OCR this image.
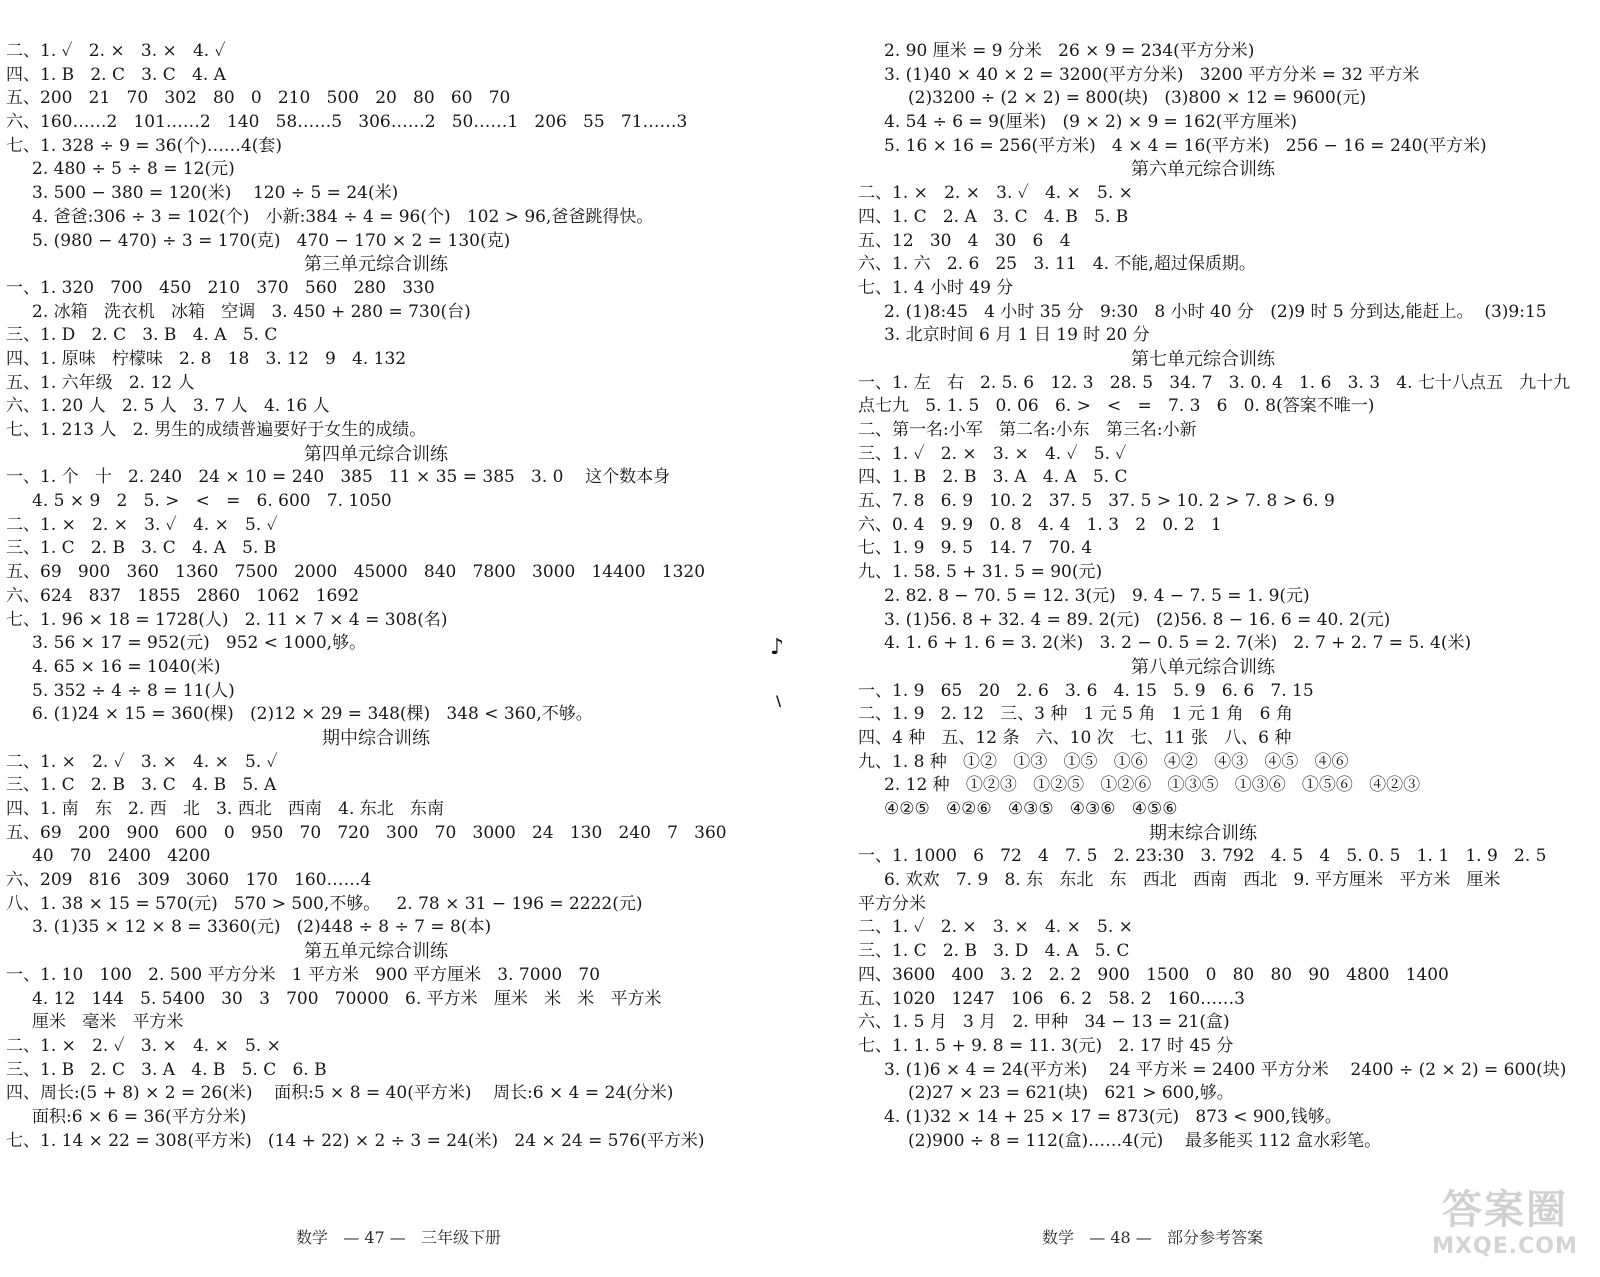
二、1. ✓   2. ×   3. ×   4. ✓
四、1. B   2. C   3. C   4. A
五、200   21   70   302   80   0   210   500   20   80   60   70
六、160……2   101……2   140   58……5   306……2   50……1   206   55   71……3
七、1. 328 ÷ 9 = 36(个)……4(套)
2. 480 ÷ 5 ÷ 8 = 12(元)
3. 500 − 380 = 120(米)    120 ÷ 5 = 24(米)
4. 爸爸:306 ÷ 3 = 102(个)   小新:384 ÷ 4 = 96(个)   102 > 96,爸爸跳得快。
5. (980 − 470) ÷ 3 = 170(克)   470 − 170 × 2 = 130(克)
第三单元综合训练
一、1. 320   700   450   210   370   560   280   330
2. 冰箱   洗衣机   冰箱   空调   3. 450 + 280 = 730(台)
三、1. D   2. C   3. B   4. A   5. C
四、1. 原味   柠檬味   2. 8   18   3. 12   9   4. 132
五、1. 六年级   2. 12 人
六、1. 20 人   2. 5 人   3. 7 人   4. 16 人
七、1. 213 人   2. 男生的成绩普遍要好于女生的成绩。
第四单元综合训练
一、1. 个   十   2. 240   24 × 10 = 240   385   11 × 35 = 385   3. 0    这个数本身
4. 5 × 9   2   5. >   <   =   6. 600   7. 1050
二、1. ×   2. ×   3. ✓   4. ×   5. ✓
三、1. C   2. B   3. C   4. A   5. B
五、69   900   360   1360   7500   2000   45000   840   7800   3000   14400   1320
六、624   837   1855   2860   1062   1692
七、1. 96 × 18 = 1728(人)   2. 11 × 7 × 4 = 308(名)
3. 56 × 17 = 952(元)   952 < 1000,够。
4. 65 × 16 = 1040(米)
5. 352 ÷ 4 ÷ 8 = 11(人)
6. (1)24 × 15 = 360(棵)   (2)12 × 29 = 348(棵)   348 < 360,不够。
期中综合训练
二、1. ×   2. ✓   3. ×   4. ×   5. ✓
三、1. C   2. B   3. C   4. B   5. A
四、1. 南   东   2. 西   北   3. 西北   西南   4. 东北   东南
五、69   200   900   600   0   950   70   720   300   70   3000   24   130   240   7   360
40   70   2400   4200
六、209   816   309   3060   170   160……4
八、1. 38 × 15 = 570(元)   570 > 500,不够。   2. 78 × 31 − 196 = 2222(元)
3. (1)35 × 12 × 8 = 3360(元)   (2)448 ÷ 8 ÷ 7 = 8(本)
第五单元综合训练
一、1. 10   100   2. 500 平方分米   1 平方米   900 平方厘米   3. 7000   70
4. 12   144   5. 5400   30   3   700   70000   6. 平方米   厘米   米   米   平方米
厘米   毫米   平方米
二、1. ×   2. ✓   3. ×   4. ×   5. ×
三、1. B   2. C   3. A   4. B   5. C   6. B
四、周长:(5 + 8) × 2 = 26(米)    面积:5 × 8 = 40(平方米)    周长:6 × 4 = 24(分米)
面积:6 × 6 = 36(平方分米)
七、1. 14 × 22 = 308(平方米)   (14 + 22) × 2 ÷ 3 = 24(米)   24 × 24 = 576(平方米)
2. 90 厘米 = 9 分米   26 × 9 = 234(平方分米)
3. (1)40 × 40 × 2 = 3200(平方分米)   3200 平方分米 = 32 平方米
(2)3200 ÷ (2 × 2) = 800(块)   (3)800 × 12 = 9600(元)
4. 54 ÷ 6 = 9(厘米)   (9 × 2) × 9 = 162(平方厘米)
5. 16 × 16 = 256(平方米)   4 × 4 = 16(平方米)   256 − 16 = 240(平方米)
第六单元综合训练
二、1. ×   2. ×   3. ✓   4. ×   5. ×
四、1. C   2. A   3. C   4. B   5. B
五、12   30   4   30   6   4
六、1. 六   2. 6   25   3. 11   4. 不能,超过保质期。
七、1. 4 小时 49 分
2. (1)8:45   4 小时 35 分   9:30   8 小时 40 分   (2)9 时 5 分到达,能赶上。  (3)9:15
3. 北京时间 6 月 1 日 19 时 20 分
第七单元综合训练
一、1. 左   右   2. 5. 6   12. 3   28. 5   34. 7   3. 0. 4   1. 6   3. 3   4. 七十八点五   九十九
点七九   5. 1. 5   0. 06   6. >   <   =   7. 3   6   0. 8(答案不唯一)
二、第一名:小军   第二名:小东   第三名:小新
三、1. ✓   2. ×   3. ×   4. ✓   5. ✓
四、1. B   2. B   3. A   4. A   5. C
五、7. 8   6. 9   10. 2   37. 5   37. 5 > 10. 2 > 7. 8 > 6. 9
六、0. 4   9. 9   0. 8   4. 4   1. 3   2   0. 2   1
七、1. 9   9. 5   14. 7   70. 4
九、1. 58. 5 + 31. 5 = 90(元)
2. 82. 8 − 70. 5 = 12. 3(元)   9. 4 − 7. 5 = 1. 9(元)
3. (1)56. 8 + 32. 4 = 89. 2(元)   (2)56. 8 − 16. 6 = 40. 2(元)
4. 1. 6 + 1. 6 = 3. 2(米)   3. 2 − 0. 5 = 2. 7(米)   2. 7 + 2. 7 = 5. 4(米)
第八单元综合训练
一、1. 9   65   20   2. 6   3. 6   4. 15   5. 9   6. 6   7. 15
二、1. 9   2. 12   三、3 种   1 元 5 角   1 元 1 角   6 角
四、4 种   五、12 条   六、10 次   七、11 张   八、6 种
九、1. 8 种   ①②   ①③   ①⑤   ①⑥   ④②   ④③   ④⑤   ④⑥
2. 12 种   ①②③   ①②⑤   ①②⑥   ①③⑤   ①③⑥   ①⑤⑥   ④②③
④②⑤   ④②⑥   ④③⑤   ④③⑥   ④⑤⑥
期末综合训练
一、1. 1000   6   72   4   7. 5   2. 23:30   3. 792   4. 5   4   5. 0. 5   1. 1   1. 9   2. 5
6. 欢欢   7. 9   8. 东   东北   东   西北   西南   西北   9. 平方厘米   平方米   厘米
平方分米
二、1. ✓   2. ×   3. ×   4. ×   5. ×
三、1. C   2. B   3. D   4. A   5. C
四、3600   400   3. 2   2. 2   900   1500   0   80   80   90   4800   1400
五、1020   1247   106   6. 2   58. 2   160……3
六、1. 5 月   3 月   2. 甲种   34 − 13 = 21(盒)
七、1. 1. 5 + 9. 8 = 11. 3(元)   2. 17 时 45 分
3. (1)6 × 4 = 24(平方米)    24 平方米 = 2400 平方分米    2400 ÷ (2 × 2) = 600(块)
(2)27 × 23 = 621(块)   621 > 600,够。
4. (1)32 × 14 + 25 × 17 = 873(元)   873 < 900,钱够。
(2)900 ÷ 8 = 112(盒)……4(元)    最多能买 112 盒水彩笔。
数学   — 47 —   三年级下册	数学   — 48 —   部分参考答案
♪
\
答案圈
MXQE.COM
